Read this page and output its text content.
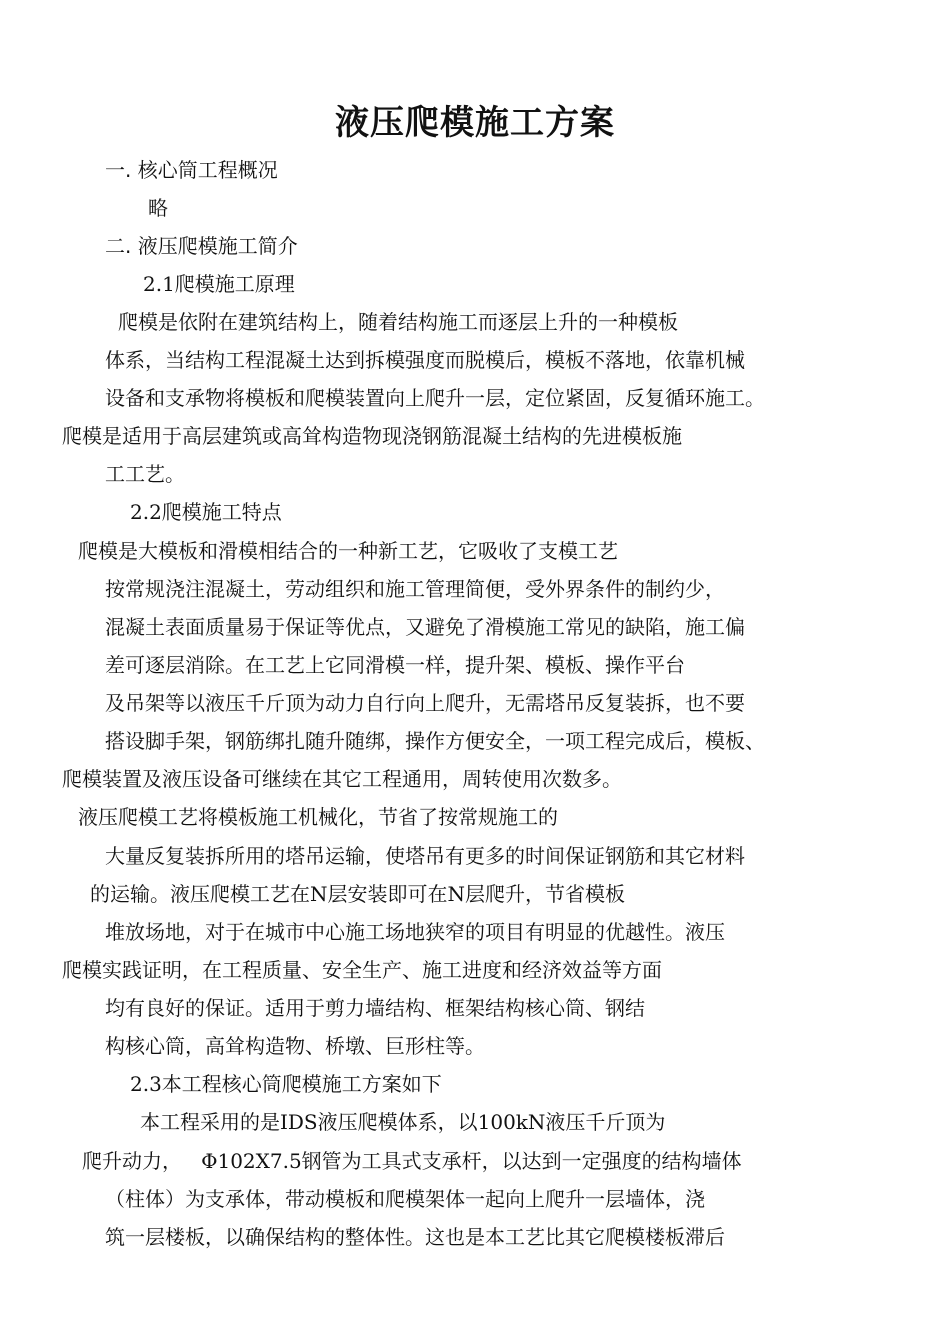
液压爬模施工方案
一. 核心筒工程概况
略
二. 液压爬模施工简介
2.1爬模施工原理
爬模是依附在建筑结构上，随着结构施工而逐层上升的一种模板
体系，当结构工程混凝土达到拆模强度而脱模后，模板不落地，依靠机械
设备和支承物将模板和爬模装置向上爬升一层，定位紧固，反复循环施工。
爬模是适用于高层建筑或高耸构造物现浇钢筋混凝土结构的先进模板施
工工艺。
2.2爬模施工特点
爬模是大模板和滑模相结合的一种新工艺，它吸收了支模工艺
按常规浇注混凝土，劳动组织和施工管理简便，受外界条件的制约少，
混凝土表面质量易于保证等优点，又避免了滑模施工常见的缺陷，施工偏
差可逐层消除。在工艺上它同滑模一样，提升架、模板、操作平台
及吊架等以液压千斤顶为动力自行向上爬升，无需塔吊反复装拆，也不要
搭设脚手架，钢筋绑扎随升随绑，操作方便安全，一项工程完成后，模板、
爬模装置及液压设备可继续在其它工程通用，周转使用次数多。
液压爬模工艺将模板施工机械化，节省了按常规施工的
大量反复装拆所用的塔吊运输，使塔吊有更多的时间保证钢筋和其它材料
的运输。液压爬模工艺在N层安装即可在N层爬升，节省模板
堆放场地，对于在城市中心施工场地狭窄的项目有明显的优越性。液压
爬模实践证明，在工程质量、安全生产、施工进度和经济效益等方面
均有良好的保证。适用于剪力墙结构、框架结构核心筒、钢结
构核心筒，高耸构造物、桥墩、巨形柱等。
2.3本工程核心筒爬模施工方案如下
本工程采用的是IDS液压爬模体系，以100kN液压千斤顶为
爬升动力，   Φ102X7.5钢管为工具式支承杆，以达到一定强度的结构墙体
（柱体）为支承体，带动模板和爬模架体一起向上爬升一层墙体，浇
筑一层楼板，以确保结构的整体性。这也是本工艺比其它爬模楼板滞后
